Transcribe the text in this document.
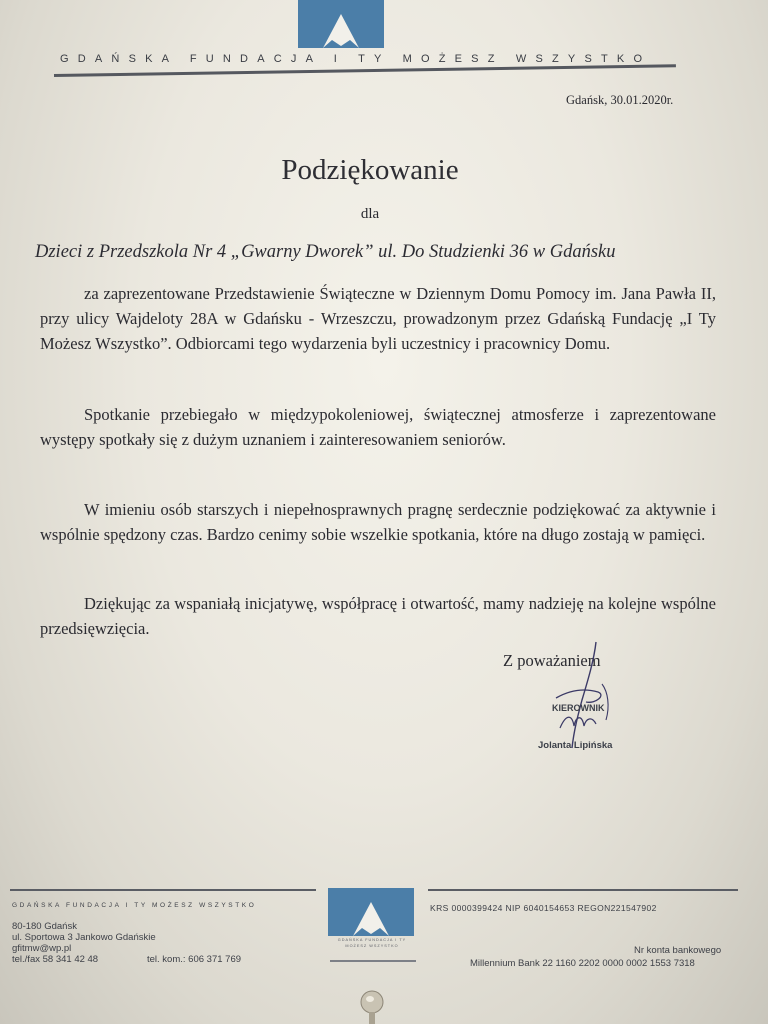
GDAŃSKA FUNDACJA I TY MOŻESZ WSZYSTKO
Gdańsk, 30.01.2020r.
Podziękowanie
dla
Dzieci z Przedszkola Nr 4 „Gwarny Dworek” ul. Do Studzienki 36 w Gdańsku
za zaprezentowane Przedstawienie Świąteczne w Dziennym Domu Pomocy im. Jana Pawła II, przy ulicy Wajdeloty 28A w Gdańsku - Wrzeszczu, prowadzonym przez Gdańską Fundację „I Ty Możesz Wszystko”. Odbiorcami tego wydarzenia byli uczestnicy i pracownicy Domu.
Spotkanie przebiegało w międzypokoleniowej, świątecznej atmosferze i zaprezentowane występy spotkały się z dużym uznaniem i zainteresowaniem seniorów.
W imieniu osób starszych i niepełnosprawnych pragnę serdecznie podziękować za aktywnie i wspólnie spędzony czas. Bardzo cenimy sobie wszelkie spotkania, które na długo zostają w pamięci.
Dziękując za wspaniałą inicjatywę, współpracę i otwartość, mamy nadzieję na kolejne wspólne przedsięwzięcia.
Z poważaniem
KIEROWNIK
Jolanta Lipińska
GDAŃSKA FUNDACJA I TY MOŻESZ WSZYSTKO	KRS 0000399424 NIP 6040154653 REGON221547902
GDAŃSKA FUNDACJA I TY MOŻESZ WSZYSTKO
80-180 Gdańsk
ul. Sportowa 3 Jankowo Gdańskie
gfitmw@wp.pl
tel./fax 58 341 42 48	tel. kom.: 606 371 769
Nr konta bankowego
Millennium Bank 22 1160 2202 0000 0002 1553 7318
